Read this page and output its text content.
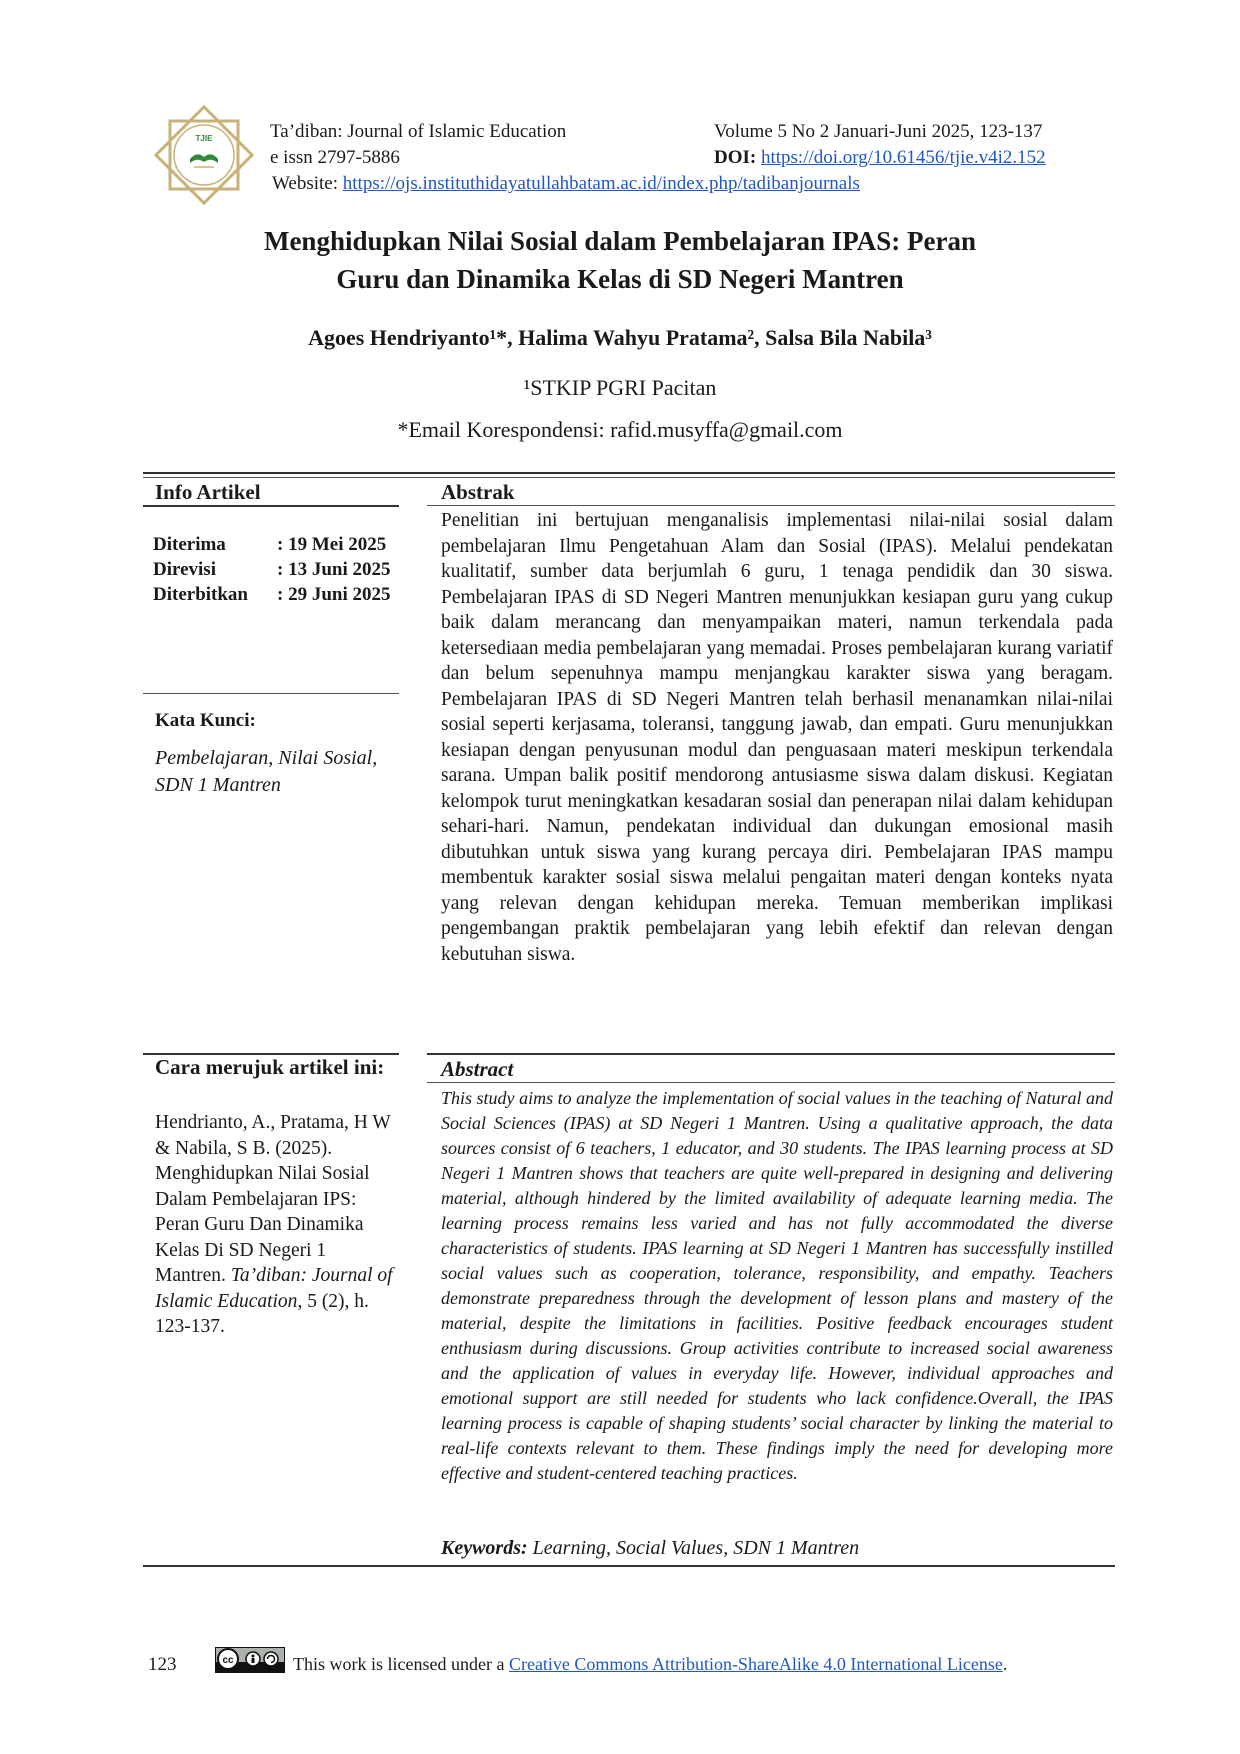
TJIE	Ta’diban: Journal of Islamic Education
e issn 2797-5886
Website: https://ojs.instituthidayatullahbatam.ac.id/index.php/tadibanjournals
Volume 5 No 2 Januari-Juni 2025, 123-137
DOI: https://doi.org/10.61456/tjie.v4i2.152
Menghidupkan Nilai Sosial dalam Pembelajaran IPAS: Peran
Guru dan Dinamika Kelas di SD Negeri Mantren
Agoes Hendriyanto¹*, Halima Wahyu Pratama², Salsa Bila Nabila³
¹STKIP PGRI Pacitan
*Email Korespondensi: rafid.musyffa@gmail.com
Info Artikel
Diterima	: 19 Mei 2025
Direvisi	: 13 Juni 2025
Diterbitkan	: 29 Juni 2025
Kata Kunci:
Pembelajaran, Nilai Sosial, SDN 1 Mantren
Abstrak
Penelitian ini bertujuan menganalisis implementasi nilai-nilai sosial dalam pembelajaran Ilmu Pengetahuan Alam dan Sosial (IPAS). Melalui pendekatan kualitatif, sumber data berjumlah 6 guru, 1 tenaga pendidik dan 30 siswa. Pembelajaran IPAS di SD Negeri Mantren menunjukkan kesiapan guru yang cukup baik dalam merancang dan menyampaikan materi, namun terkendala pada ketersediaan media pembelajaran yang memadai. Proses pembelajaran kurang variatif dan belum sepenuhnya mampu menjangkau karakter siswa yang beragam. Pembelajaran IPAS di SD Negeri Mantren telah berhasil menanamkan nilai-nilai sosial seperti kerjasama, toleransi, tanggung jawab, dan empati. Guru menunjukkan kesiapan dengan penyusunan modul dan penguasaan materi meskipun terkendala sarana. Umpan balik positif mendorong antusiasme siswa dalam diskusi. Kegiatan kelompok turut meningkatkan kesadaran sosial dan penerapan nilai dalam kehidupan sehari-hari. Namun, pendekatan individual dan dukungan emosional masih dibutuhkan untuk siswa yang kurang percaya diri. Pembelajaran IPAS mampu membentuk karakter sosial siswa melalui pengaitan materi dengan konteks nyata yang relevan dengan kehidupan mereka. Temuan memberikan implikasi pengembangan praktik pembelajaran yang lebih efektif dan relevan dengan kebutuhan siswa.
Cara merujuk artikel ini:
Hendrianto, A., Pratama, H W & Nabila, S B. (2025). Menghidupkan Nilai Sosial Dalam Pembelajaran IPS: Peran Guru Dan Dinamika Kelas Di SD Negeri 1 Mantren. Ta’diban: Journal of Islamic Education, 5 (2), h. 123-137.
Abstract
This study aims to analyze the implementation of social values in the teaching of Natural and Social Sciences (IPAS) at SD Negeri 1 Mantren. Using a qualitative approach, the data sources consist of 6 teachers, 1 educator, and 30 students. The IPAS learning process at SD Negeri 1 Mantren shows that teachers are quite well-prepared in designing and delivering material, although hindered by the limited availability of adequate learning media. The learning process remains less varied and has not fully accommodated the diverse characteristics of students. IPAS learning at SD Negeri 1 Mantren has successfully instilled social values such as cooperation, tolerance, responsibility, and empathy. Teachers demonstrate preparedness through the development of lesson plans and mastery of the material, despite the limitations in facilities. Positive feedback encourages student enthusiasm during discussions. Group activities contribute to increased social awareness and the application of values in everyday life. However, individual approaches and emotional support are still needed for students who lack confidence.Overall, the IPAS learning process is capable of shaping students’ social character by linking the material to real-life contexts relevant to them. These findings imply the need for developing more effective and student-centered teaching practices.
Keywords: Learning, Social Values, SDN 1 Mantren
123	cc	This work is licensed under a Creative Commons Attribution-ShareAlike 4.0 International License.
